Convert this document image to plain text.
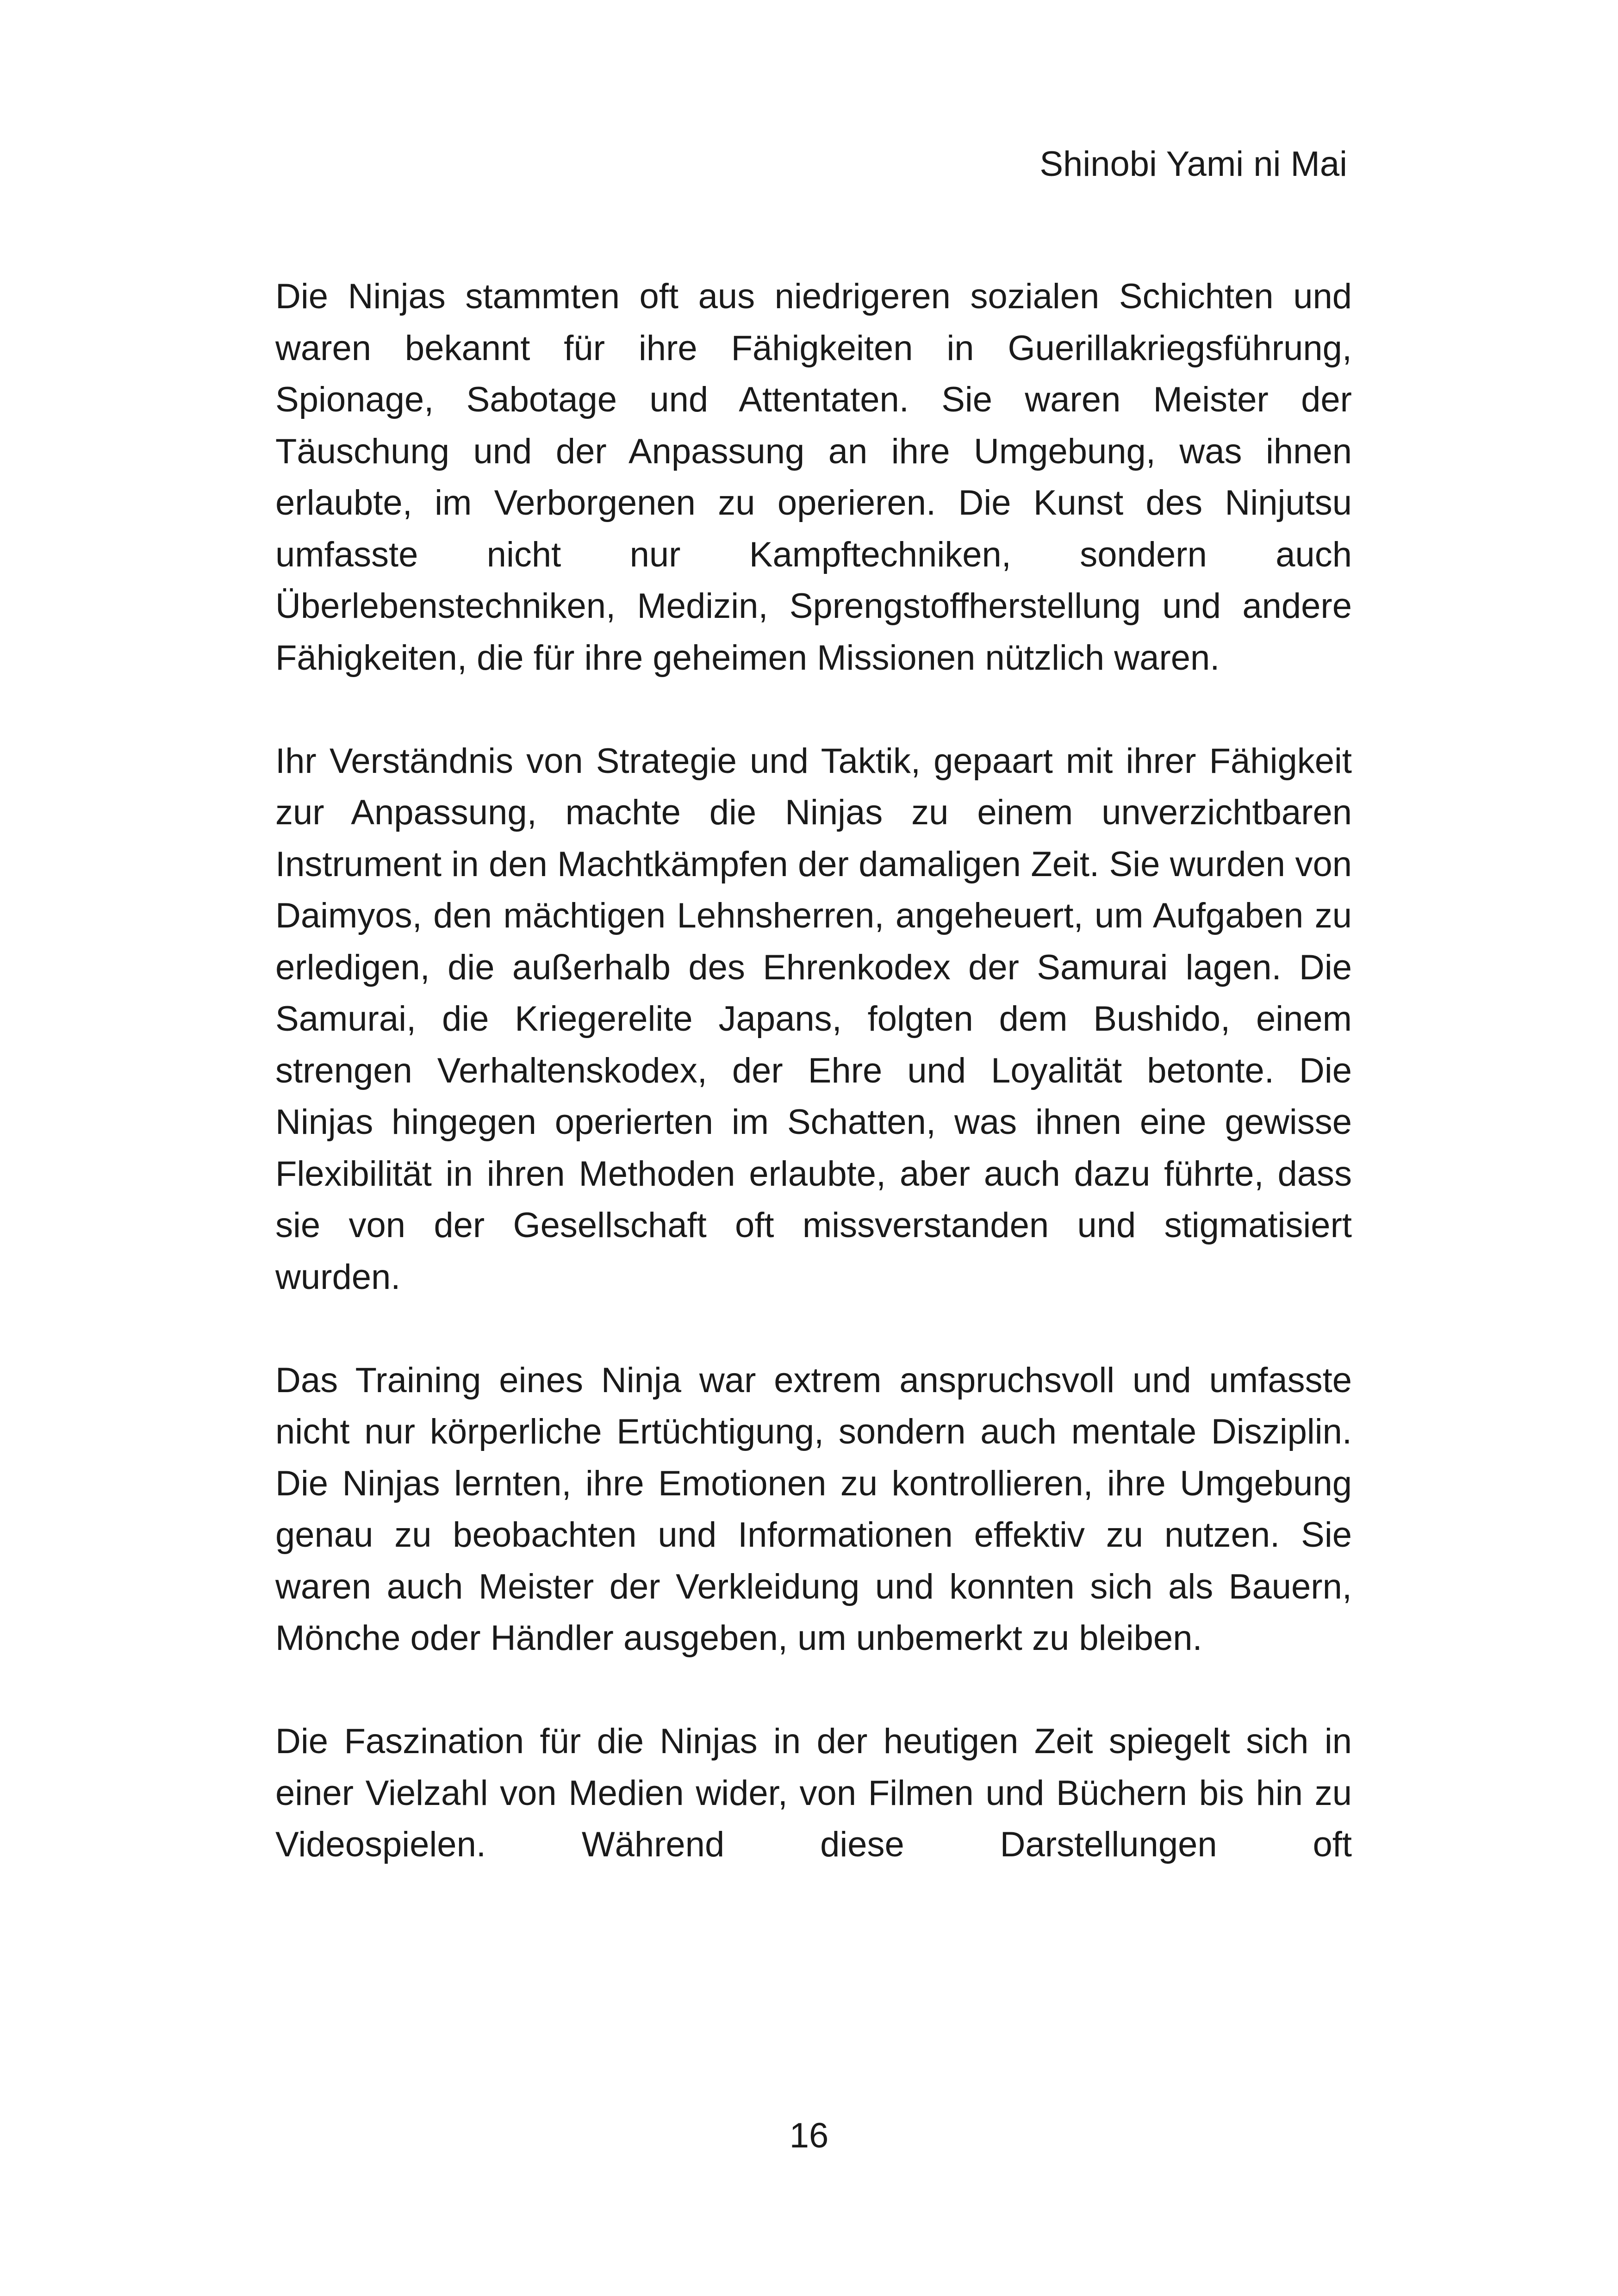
Shinobi Yami ni Mai

Die Ninjas stammten oft aus niedrigeren sozialen Schichten und waren bekannt für ihre Fähigkeiten in Guerillakriegsführung, Spionage, Sabotage und Attentaten. Sie waren Meister der Täuschung und der Anpassung an ihre Umgebung, was ihnen erlaubte, im Verborgenen zu operieren. Die Kunst des Ninjutsu umfasste nicht nur Kampftechniken, sondern auch Überlebenstechniken, Medizin, Sprengstoffherstellung und andere Fähigkeiten, die für ihre geheimen Missionen nützlich waren.

Ihr Verständnis von Strategie und Taktik, gepaart mit ihrer Fähigkeit zur Anpassung, machte die Ninjas zu einem unverzichtbaren Instrument in den Machtkämpfen der damaligen Zeit. Sie wurden von Daimyos, den mächtigen Lehnsherren, angeheuert, um Aufgaben zu erledigen, die außerhalb des Ehrenkodex der Samurai lagen. Die Samurai, die Kriegerelite Japans, folgten dem Bushido, einem strengen Verhaltenskodex, der Ehre und Loyalität betonte. Die Ninjas hingegen operierten im Schatten, was ihnen eine gewisse Flexibilität in ihren Methoden erlaubte, aber auch dazu führte, dass sie von der Gesellschaft oft missverstanden und stigmatisiert wurden.

Das Training eines Ninja war extrem anspruchsvoll und umfasste nicht nur körperliche Ertüchtigung, sondern auch mentale Disziplin. Die Ninjas lernten, ihre Emotionen zu kontrollieren, ihre Umgebung genau zu beobachten und Informationen effektiv zu nutzen. Sie waren auch Meister der Verkleidung und konnten sich als Bauern, Mönche oder Händler ausgeben, um unbemerkt zu bleiben.

Die Faszination für die Ninjas in der heutigen Zeit spiegelt sich in einer Vielzahl von Medien wider, von Filmen und Büchern bis hin zu Videospielen. Während diese Darstellungen oft

16
